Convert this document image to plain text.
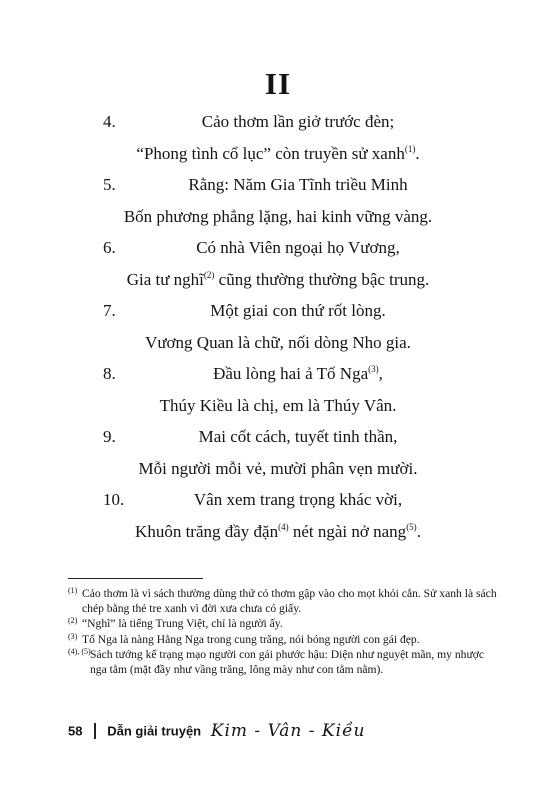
II
4.	Cảo thơm lần giở trước đèn;
“Phong tình cổ lục” còn truyền sử xanh$^{(1)}$.
5.	Rằng: Năm Gia Tĩnh triều Minh
Bốn phương phẳng lặng, hai kinh vững vàng.
6.	Có nhà Viên ngoại họ Vương,
Gia tư nghĩ$^{(2)}$ cũng thường thường bậc trung.
7.	Một giai con thứ rốt lòng.
Vương Quan là chữ, nối dòng Nho gia.
8.	Đầu lòng hai ả Tố Nga$^{(3)}$,
Thúy Kiều là chị, em là Thúy Vân.
9.	Mai cốt cách, tuyết tinh thần,
Mỗi người mỗi vẻ, mười phân vẹn mười.
10.	Vân xem trang trọng khác vời,
Khuôn trăng đầy đặn$^{(4)}$ nét ngài nở nang$^{(5)}$.
(1) Cảo thơm là vì sách thường dùng thứ cỏ thơm gập vào cho mọt khỏi cắn. Sử xanh là sách chép bằng thẻ tre xanh vì đời xưa chưa có giấy.
(2) “Nghĩ” là tiếng Trung Việt, chỉ là người ấy.
(3) Tố Nga là nàng Hằng Nga trong cung trăng, nói bóng người con gái đẹp.
(4), (5) Sách tướng kể trạng mạo người con gái phước hậu: Diện như nguyệt mãn, my nhược nga tằm (mặt đầy như vầng trăng, lông mày như con tằm nằm).
58 Dẫn giải truyện Kim - Vân - Kiều
